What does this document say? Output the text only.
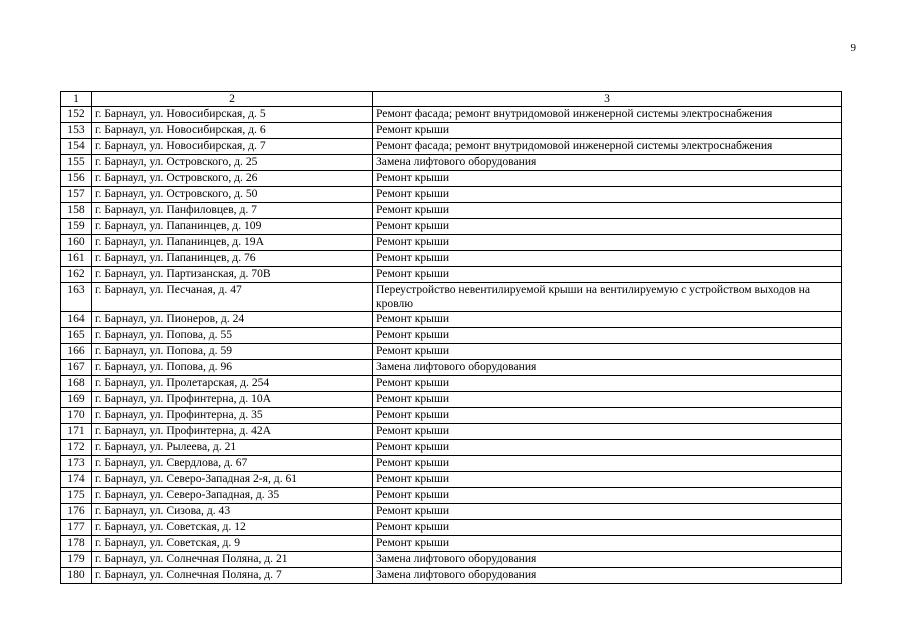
9
1	2	3
152	г. Барнаул, ул. Новосибирская, д. 5	Ремонт фасада; ремонт внутридомовой инженерной системы электроснабжения
153	г. Барнаул, ул. Новосибирская, д. 6	Ремонт крыши
154	г. Барнаул, ул. Новосибирская, д. 7	Ремонт фасада; ремонт внутридомовой инженерной системы электроснабжения
155	г. Барнаул, ул. Островского, д. 25	Замена лифтового оборудования
156	г. Барнаул, ул. Островского, д. 26	Ремонт крыши
157	г. Барнаул, ул. Островского, д. 50	Ремонт крыши
158	г. Барнаул, ул. Панфиловцев, д. 7	Ремонт крыши
159	г. Барнаул, ул. Папанинцев, д. 109	Ремонт крыши
160	г. Барнаул, ул. Папанинцев, д. 19А	Ремонт крыши
161	г. Барнаул, ул. Папанинцев, д. 76	Ремонт крыши
162	г. Барнаул, ул. Партизанская, д. 70В	Ремонт крыши
163	г. Барнаул, ул. Песчаная, д. 47	Переустройство невентилируемой крыши на вентилируемую с устройством выходов на кровлю
164	г. Барнаул, ул. Пионеров, д. 24	Ремонт крыши
165	г. Барнаул, ул. Попова, д. 55	Ремонт крыши
166	г. Барнаул, ул. Попова, д. 59	Ремонт крыши
167	г. Барнаул, ул. Попова, д. 96	Замена лифтового оборудования
168	г. Барнаул, ул. Пролетарская, д. 254	Ремонт крыши
169	г. Барнаул, ул. Профинтерна, д. 10А	Ремонт крыши
170	г. Барнаул, ул. Профинтерна, д. 35	Ремонт крыши
171	г. Барнаул, ул. Профинтерна, д. 42А	Ремонт крыши
172	г. Барнаул, ул. Рылеева, д. 21	Ремонт крыши
173	г. Барнаул, ул. Свердлова, д. 67	Ремонт крыши
174	г. Барнаул, ул. Северо-Западная 2-я, д. 61	Ремонт крыши
175	г. Барнаул, ул. Северо-Западная, д. 35	Ремонт крыши
176	г. Барнаул, ул. Сизова, д. 43	Ремонт крыши
177	г. Барнаул, ул. Советская, д. 12	Ремонт крыши
178	г. Барнаул, ул. Советская, д. 9	Ремонт крыши
179	г. Барнаул, ул. Солнечная Поляна, д. 21	Замена лифтового оборудования
180	г. Барнаул, ул. Солнечная Поляна, д. 7	Замена лифтового оборудования
